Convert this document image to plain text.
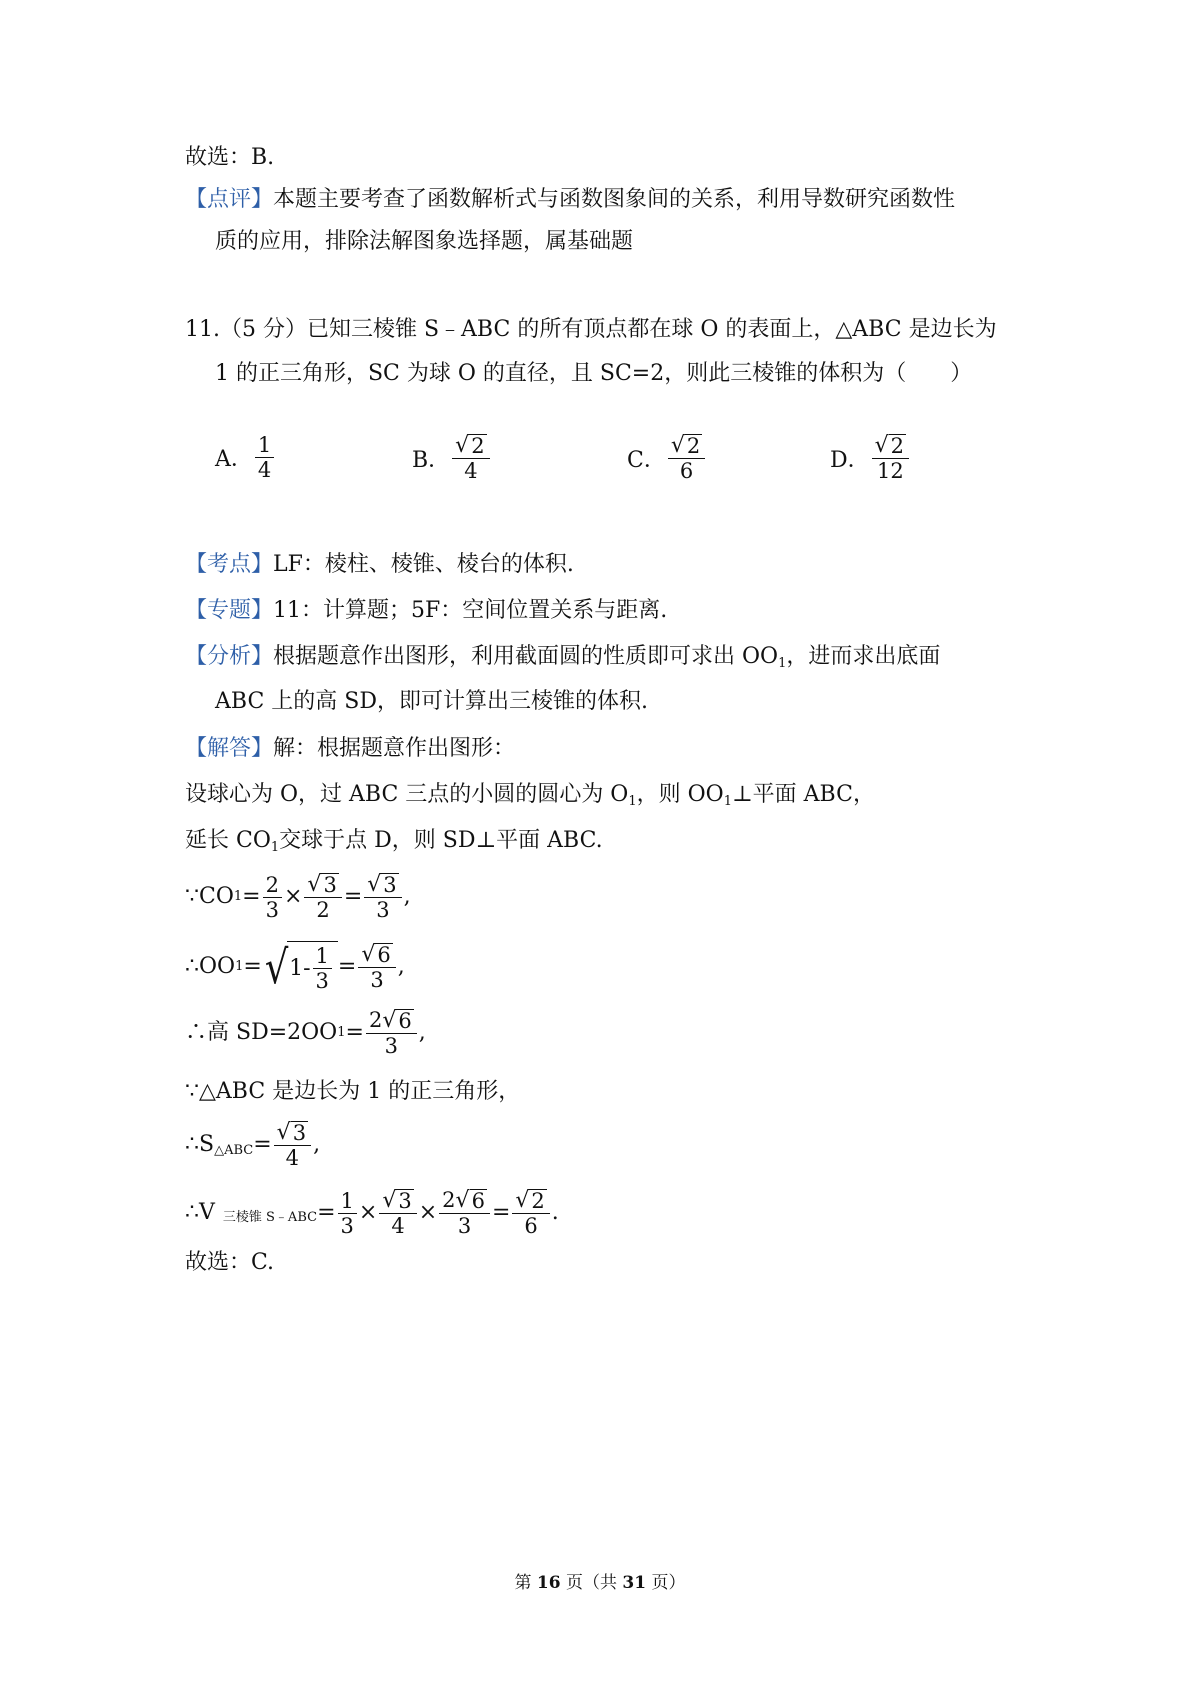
故选：B.
【点评】本题主要考查了函数解析式与函数图象间的关系，利用导数研究函数性
质的应用，排除法解图象选择题，属基础题
11.（5 分）已知三棱锥 S﹣ABC 的所有顶点都在球 O 的表面上，△ABC 是边长为
1 的正三角形，SC 为球 O 的直径，且 SC=2，则此三棱锥的体积为（　　）
A． $\frac{1}{4}$	B． $\frac{√ 2}{4}$	C． $\frac{√ 2}{6}$	D． $\frac{√ 2}{12}$
【考点】LF：棱柱、棱锥、棱台的体积.
【专题】11：计算题；5F：空间位置关系与距离.
【分析】根据题意作出图形，利用截面圆的性质即可求出 $OO_1$，进而求出底面
ABC 上的高 SD，即可计算出三棱锥的体积.
【解答】解：根据题意作出图形：
设球心为 O，过 ABC 三点的小圆的圆心为 $O_1$，则 $OO_1\perp$平面 ABC，
延长 $CO_1$交球于点 D，则 SD⊥平面 ABC.
∵CO $1 = \frac{2}{3} \times \frac{√ 3}{2} = \frac{√ 3}{3}$ ,
∴OO 1 = √ $1 - \frac{1}{3} = \frac{√ 6}{3}$ ,
∴高 SD=2OO $1 = \frac{2 √ 6}{3}$ ,
∵△ABC 是边长为 1 的正三角形，
∴S △ABC = $\frac{√ 3}{4}$ ,
∴V 三棱锥 S﹣ABC = $\frac{1}{3} \times \frac{√ 3}{4} \times \frac{2 √ 6}{3} = \frac{√ 2}{6}$ .
故选：C.
第 16 页（共 31 页）
